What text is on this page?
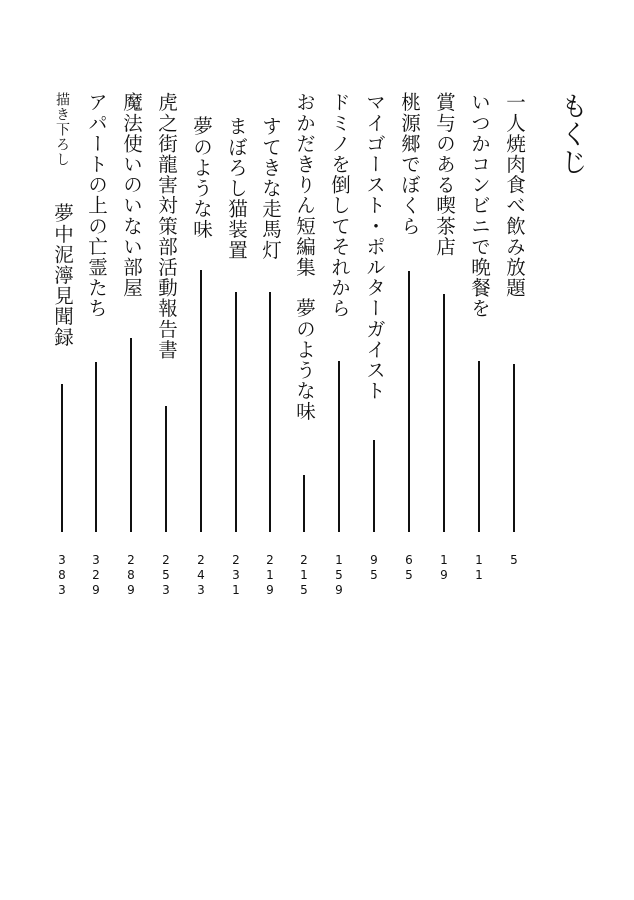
もくじ
一人焼肉食べ飲み放題
5
いつかコンビニで晩餐を
11
賞与のある喫茶店
19
桃源郷でぼくら
65
マイゴースト・ポルターガイスト
95
ドミノを倒してそれから
159
おかだきりん短編集　夢のような味
215
すてきな走馬灯
219
まぼろし猫装置
231
夢のような味
243
虎之街龍害対策部活動報告書
253
魔法使いのいない部屋
289
アパートの上の亡霊たち
329
描き下ろし
夢中泥濘見聞録
383
